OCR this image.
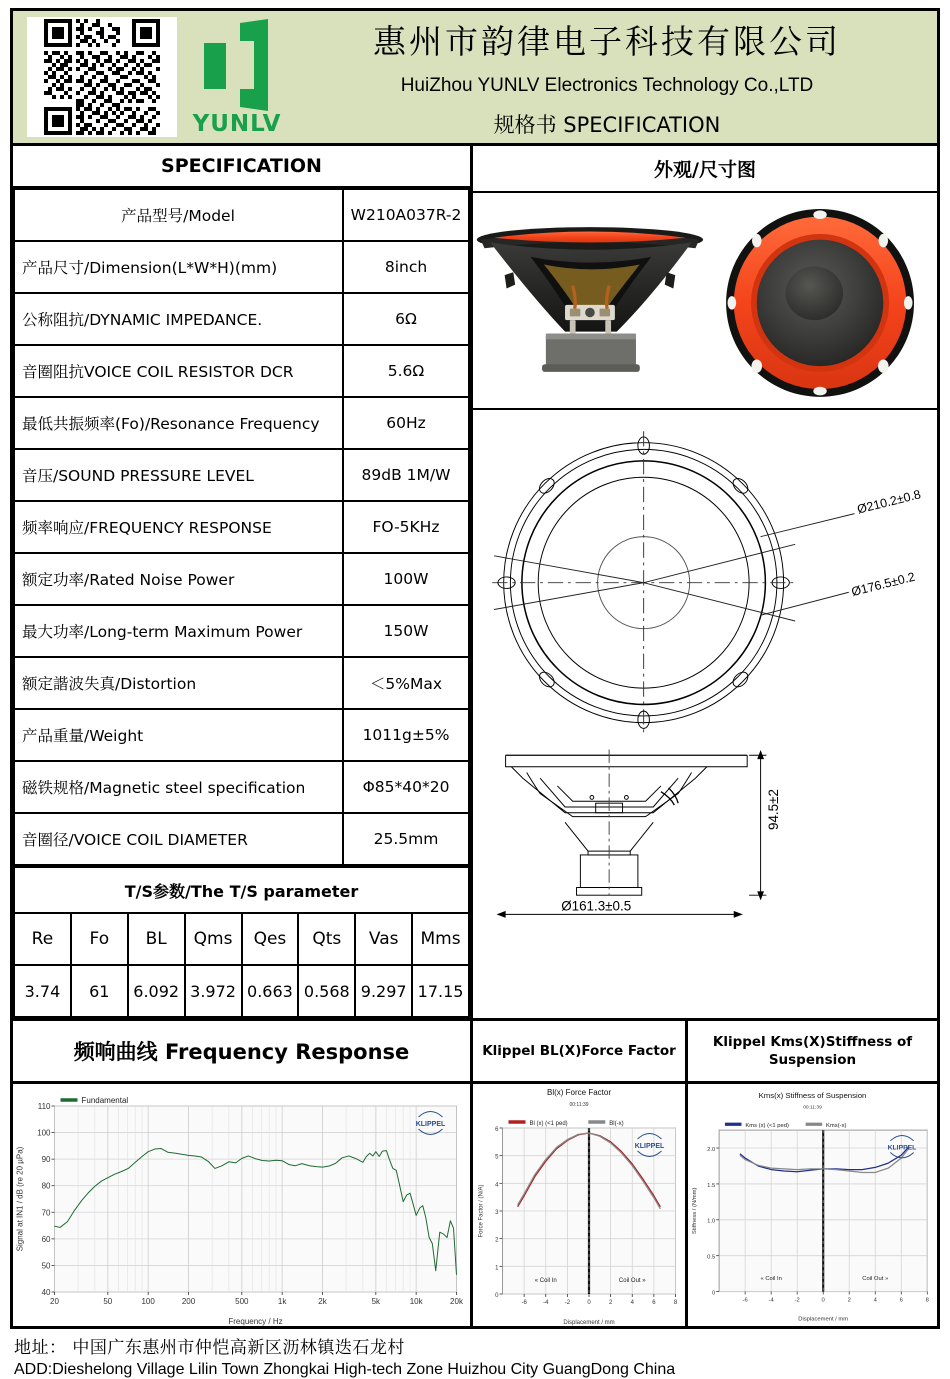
YUNLV
惠州市韵律电子科技有限公司
HuiZhou YUNLV Electronics Technology Co.,LTD
规格书 SPECIFICATION
SPECIFICATION
产品型号/Model	W210A037R-2
产品尺寸/Dimension(L*W*H)(mm)	8inch
公称阻抗/DYNAMIC IMPEDANCE.	6Ω
音圈阻抗VOICE COIL RESISTOR DCR	5.6Ω
最低共振频率(Fo)/Resonance Frequency	60Hz
音压/SOUND PRESSURE LEVEL	89dB 1M/W
频率响应/FREQUENCY RESPONSE	FO-5KHz
额定功率/Rated Noise Power	100W
最大功率/Long-term Maximum Power	150W
额定諧波失真/Distortion	＜5%Max
产品重量/Weight	1011g±5%
磁铁规格/Magnetic steel specification	Φ85*40*20
音圈径/VOICE COIL DIAMETER	25.5mm
T/S参数/The T/S parameter							
Re	Fo	BL	Qms	Qes	Qts	Vas	Mms
3.74	61	6.092	3.972	0.663	0.568	9.297	17.15
外观/尺寸图
Ø210.2±0.8
Ø176.5±0.2
94.5±2
Ø161.3±0.5
频响曲线 Frequency Response
40
50
60
70
80
90
100
110
20	50	100	200	500	1k	2k	5k	10k	20k
Frequency / Hz
Signal at IN1 / dB (re 20 µPa)
Fundamental
KLIPPEL
Klippel BL(X)Force Factor
0
1
2
3
4
5
6
-6	-4	-2	0	2	4	6	8
Displacement / mm
Force Factor / (N/A)
Bl(x) Force Factor
00:11:39
Bl (x) (<1 ped)	Bl(-x)
« Coil In	Coil Out »
KLIPPEL
Klippel Kms(X)Stiffness of Suspension
0
0.5
1.0
1.5
2.0
-6	-4	-2	0	2	4	6	8
Displacement / mm
Stiffness / (N/mm)
Kms(x) Stiffness of Suspension
00:11:39
Kms (x) (<1 ped)	Kms(-x)
« Coil In	Coil Out »
KLIPPEL
地址： 中国广东惠州市仲恺高新区沥林镇迭石龙村
ADD:Dieshelong Village Lilin Town Zhongkai High-tech Zone Huizhou City GuangDong China
